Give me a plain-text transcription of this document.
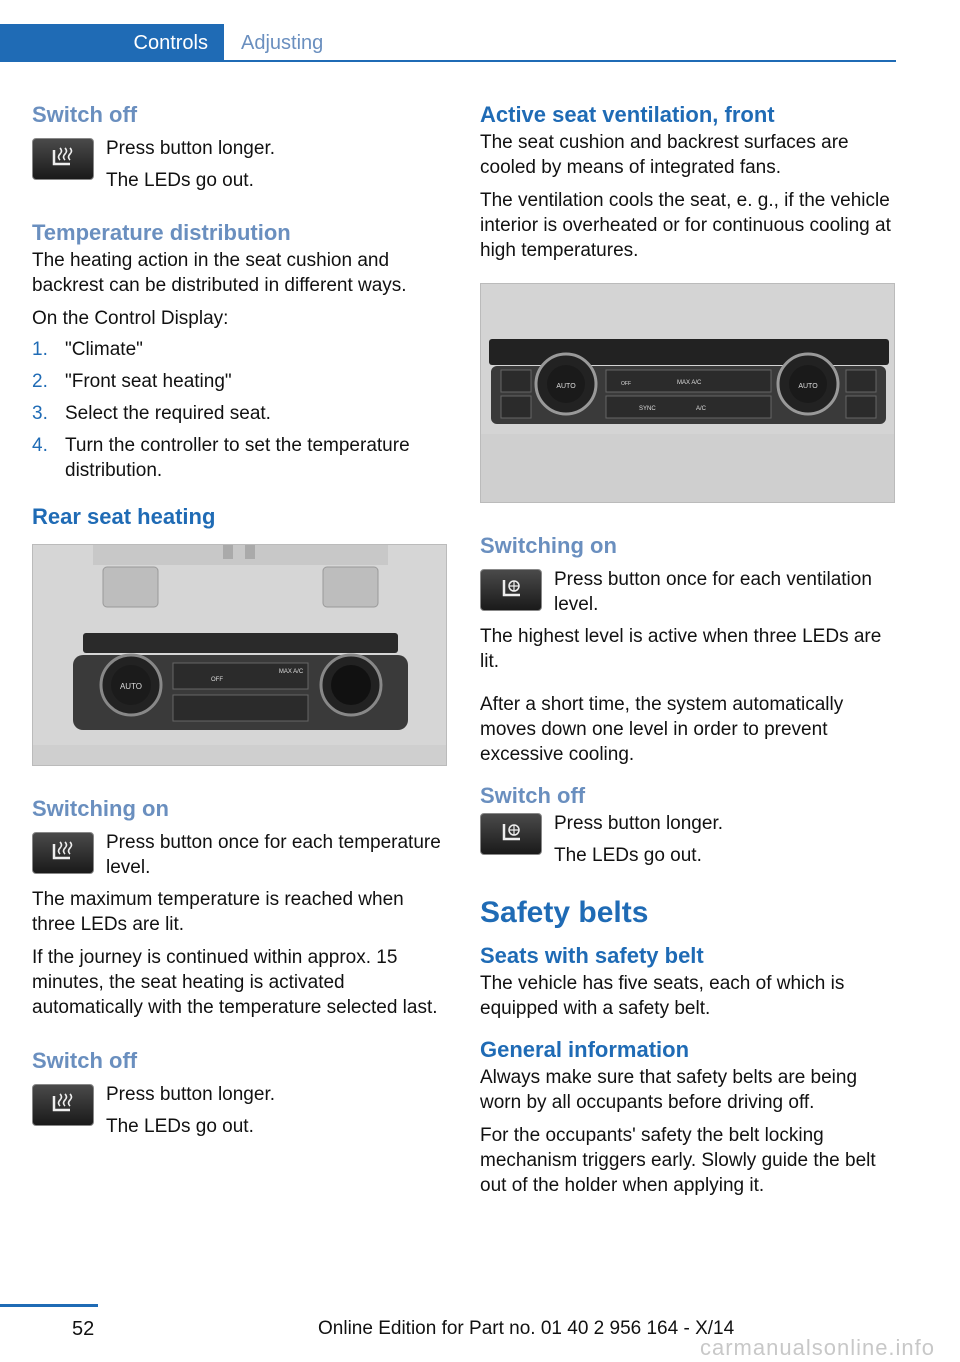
Controls	Adjusting
Switch off

Press button longer.

The LEDs go out.

Temperature distribution

The heating action in the seat cushion and backrest can be distributed in different ways.

On the Control Display:

1. "Climate"
2. "Front seat heating"
3. Select the required seat.
4. Turn the controller to set the temperature distribution.
Rear seat heating
AUTO
OFF
MAX A/C
Switching on

Press button once for each temperature level.

The maximum temperature is reached when three LEDs are lit.

If the journey is continued within approx. 15 minutes, the seat heating is activated automatically with the temperature selected last.

Switch off

Press button longer.

The LEDs go out.

Active seat ventilation, front

The seat cushion and backrest surfaces are cooled by means of integrated fans.

The ventilation cools the seat, e. g., if the vehicle interior is overheated or for continuous cooling at high temperatures.

AUTO	AUTO
OFF	MAX A/C
SYNC	A/C
Switching on

Press button once for each ventilation level.

The highest level is active when three LEDs are lit.

After a short time, the system automatically moves down one level in order to prevent excessive cooling.

Switch off

Press button longer.

The LEDs go out.

Safety belts
Seats with safety belt

The vehicle has five seats, each of which is equipped with a safety belt.

General information

Always make sure that safety belts are being worn by all occupants before driving off.

For the occupants' safety the belt locking mechanism triggers early. Slowly guide the belt out of the holder when applying it.

52	Online Edition for Part no. 01 40 2 956 164 - X/14
carmanualsonline.info
